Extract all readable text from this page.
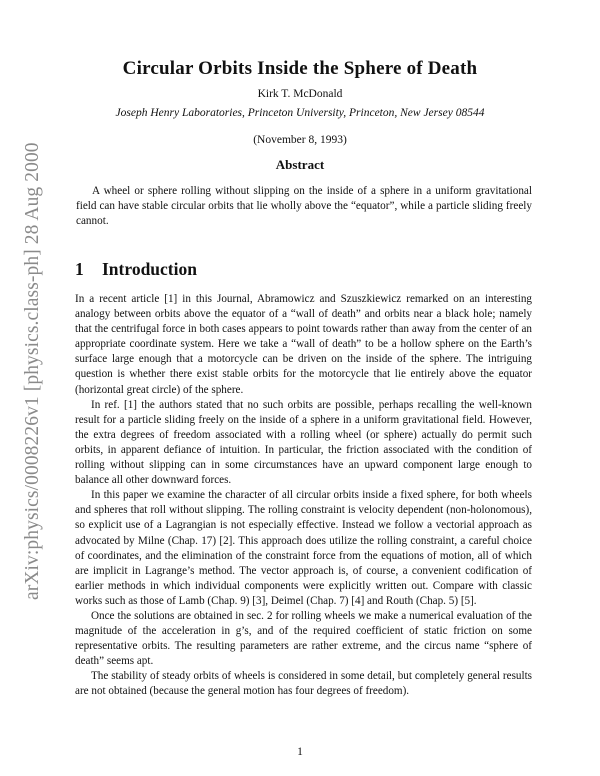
arXiv:physics/0008226v1 [physics.class-ph] 28 Aug 2000
Circular Orbits Inside the Sphere of Death
Kirk T. McDonald
Joseph Henry Laboratories, Princeton University, Princeton, New Jersey 08544
(November 8, 1993)
Abstract
A wheel or sphere rolling without slipping on the inside of a sphere in a uniform gravitational field can have stable circular orbits that lie wholly above the “equator”, while a particle sliding freely cannot.
1 Introduction

In a recent article [1] in this Journal, Abramowicz and Szuszkiewicz remarked on an interesting analogy between orbits above the equator of a “wall of death” and orbits near a black hole; namely that the centrifugal force in both cases appears to point towards rather than away from the center of an appropriate coordinate system. Here we take a “wall of death” to be a hollow sphere on the Earth’s surface large enough that a motorcycle can be driven on the inside of the sphere. The intriguing question is whether there exist stable orbits for the motorcycle that lie entirely above the equator (horizontal great circle) of the sphere.

In ref. [1] the authors stated that no such orbits are possible, perhaps recalling the well-known result for a particle sliding freely on the inside of a sphere in a uniform gravitational field. However, the extra degrees of freedom associated with a rolling wheel (or sphere) actually do permit such orbits, in apparent defiance of intuition. In particular, the friction associated with the condition of rolling without slipping can in some circumstances have an upward component large enough to balance all other downward forces.

In this paper we examine the character of all circular orbits inside a fixed sphere, for both wheels and spheres that roll without slipping. The rolling constraint is velocity dependent (non-holonomous), so explicit use of a Lagrangian is not especially effective. Instead we follow a vectorial approach as advocated by Milne (Chap. 17) [2]. This approach does utilize the rolling constraint, a careful choice of coordinates, and the elimination of the constraint force from the equations of motion, all of which are implicit in Lagrange’s method. The vector approach is, of course, a convenient codification of earlier methods in which individual components were explicitly written out. Compare with classic works such as those of Lamb (Chap. 9) [3], Deimel (Chap. 7) [4] and Routh (Chap. 5) [5].

Once the solutions are obtained in sec. 2 for rolling wheels we make a numerical evaluation of the magnitude of the acceleration in g’s, and of the required coefficient of static friction on some representative orbits. The resulting parameters are rather extreme, and the circus name “sphere of death” seems apt.

The stability of steady orbits of wheels is considered in some detail, but completely general results are not obtained (because the general motion has four degrees of freedom).

1
